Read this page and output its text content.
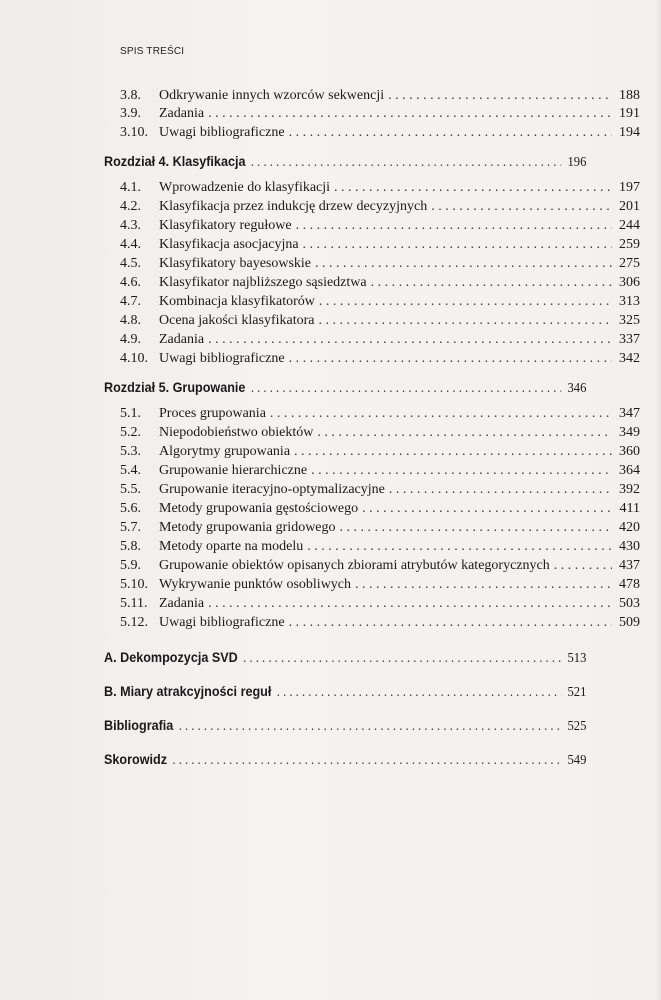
SPIS TREŚCI
3.8.	Odkrywanie innych wzorców sekwencji . . .	188
3.9.	Zadania . . .	191
3.10. Uwagi bibliograficzne . . .	194
Rozdział 4. Klasyfikacja . . .	196
4.1.	Wprowadzenie do klasyfikacji . . .	197
4.2.	Klasyfikacja przez indukcję drzew decyzyjnych . . .	201
4.3.	Klasyfikatory regułowe . . .	244
4.4.	Klasyfikacja asocjacyjna . . .	259
4.5.	Klasyfikatory bayesowskie . . .	275
4.6.	Klasyfikator najbliższego sąsiedztwa . . .	306
4.7.	Kombinacja klasyfikatorów . . .	313
4.8.	Ocena jakości klasyfikatora . . .	325
4.9.	Zadania . . .	337
4.10. Uwagi bibliograficzne . . .	342
Rozdział 5. Grupowanie . . .	346
5.1.	Proces grupowania . . .	347
5.2.	Niepodobieństwo obiektów . . .	349
5.3.	Algorytmy grupowania . . .	360
5.4.	Grupowanie hierarchiczne . . .	364
5.5.	Grupowanie iteracyjno-optymalizacyjne . . .	392
5.6.	Metody grupowania gęstościowego . . .	411
5.7.	Metody grupowania gridowego . . .	420
5.8.	Metody oparte na modelu . . .	430
5.9.	Grupowanie obiektów opisanych zbiorami atrybutów kategorycznych . . .	437
5.10. Wykrywanie punktów osobliwych . . .	478
5.11. Zadania . . .	503
5.12. Uwagi bibliograficzne . . .	509
A. Dekompozycja SVD . . .	513
B. Miary atrakcyjności reguł . . .	521
Bibliografia . . .	525
Skorowidz . . .	549
